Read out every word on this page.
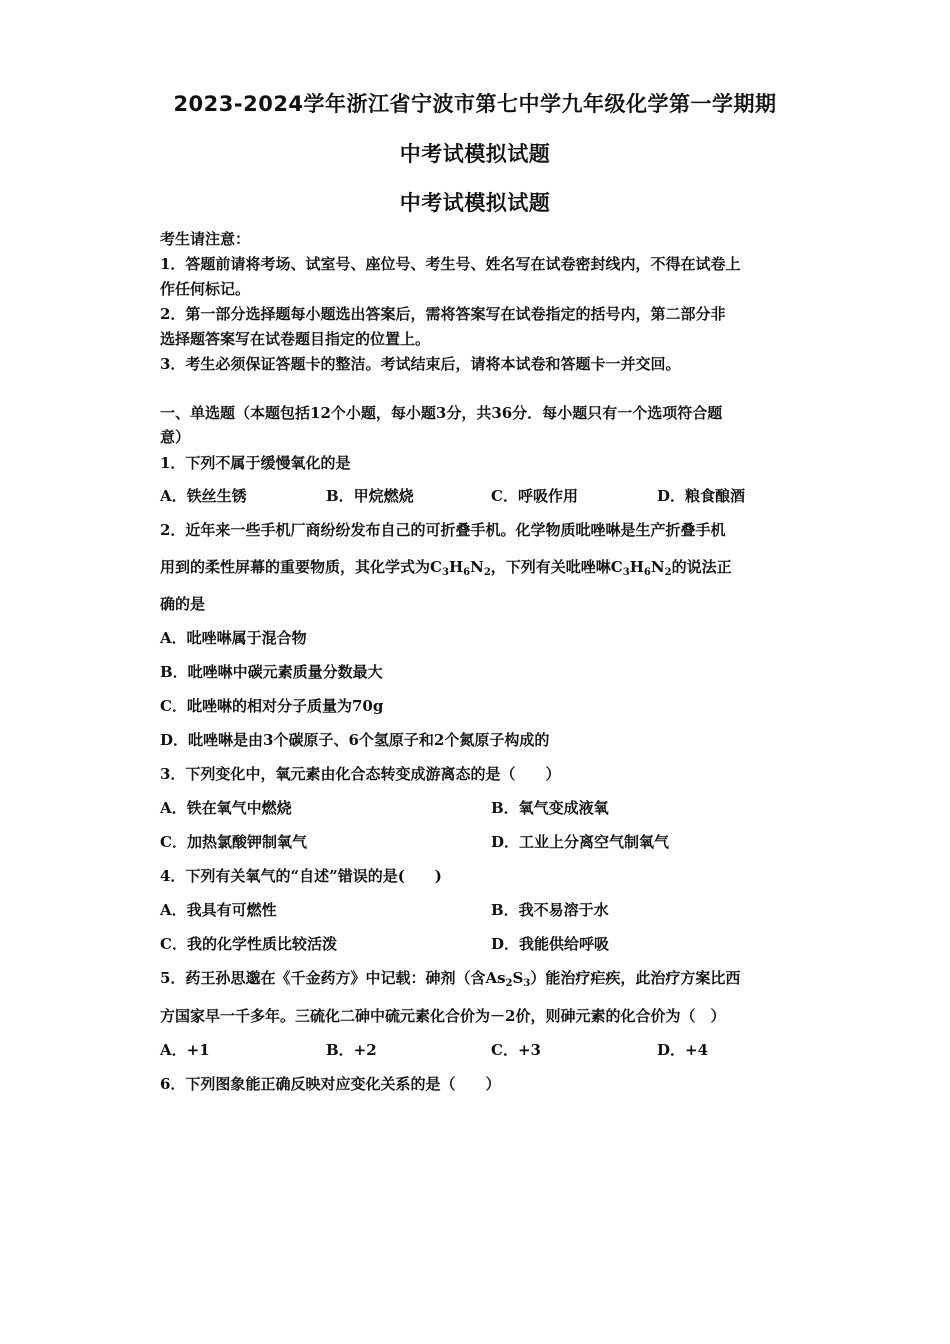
2023-2024学年浙江省宁波市第七中学九年级化学第一学期期
中考试模拟试题
中考试模拟试题
考生请注意：
1．答题前请将考场、试室号、座位号、考生号、姓名写在试卷密封线内，不得在试卷上
作任何标记。
2．第一部分选择题每小题选出答案后，需将答案写在试卷指定的括号内，第二部分非
选择题答案写在试卷题目指定的位置上。
3．考生必须保证答题卡的整洁。考试结束后，请将本试卷和答题卡一并交回。
一、单选题（本题包括12个小题，每小题3分，共36分．每小题只有一个选项符合题
意）
1．下列不属于缓慢氧化的是
A．铁丝生锈	B．甲烷燃烧	C．呼吸作用	D．粮食酿酒
2．近年来一些手机厂商纷纷发布自己的可折叠手机。化学物质吡唑啉是生产折叠手机
用到的柔性屏幕的重要物质，其化学式为$C_3H_6N_2$，下列有关吡唑啉$C_3H_6N_2$的说法正
确的是
A．吡唑啉属于混合物
B．吡唑啉中碳元素质量分数最大
C．吡唑啉的相对分子质量为70g
D．吡唑啉是由3个碳原子、6个氢原子和2个氮原子构成的
3．下列变化中，氧元素由化合态转变成游离态的是（　　）
A．铁在氧气中燃烧	B．氧气变成液氧
C．加热氯酸钾制氧气	D．工业上分离空气制氧气
4．下列有关氧气的“自述”错误的是(　　)
A．我具有可燃性	B．我不易溶于水
C．我的化学性质比较活泼	D．我能供给呼吸
5．药王孙思邈在《千金药方》中记载：砷剂（含$As_2S_3$）能治疗疟疾，此治疗方案比西
方国家早一千多年。三硫化二砷中硫元素化合价为－2价，则砷元素的化合价为（　）
A．+1	B．+2	C．+3	D．+4
6．下列图象能正确反映对应变化关系的是（　　）
